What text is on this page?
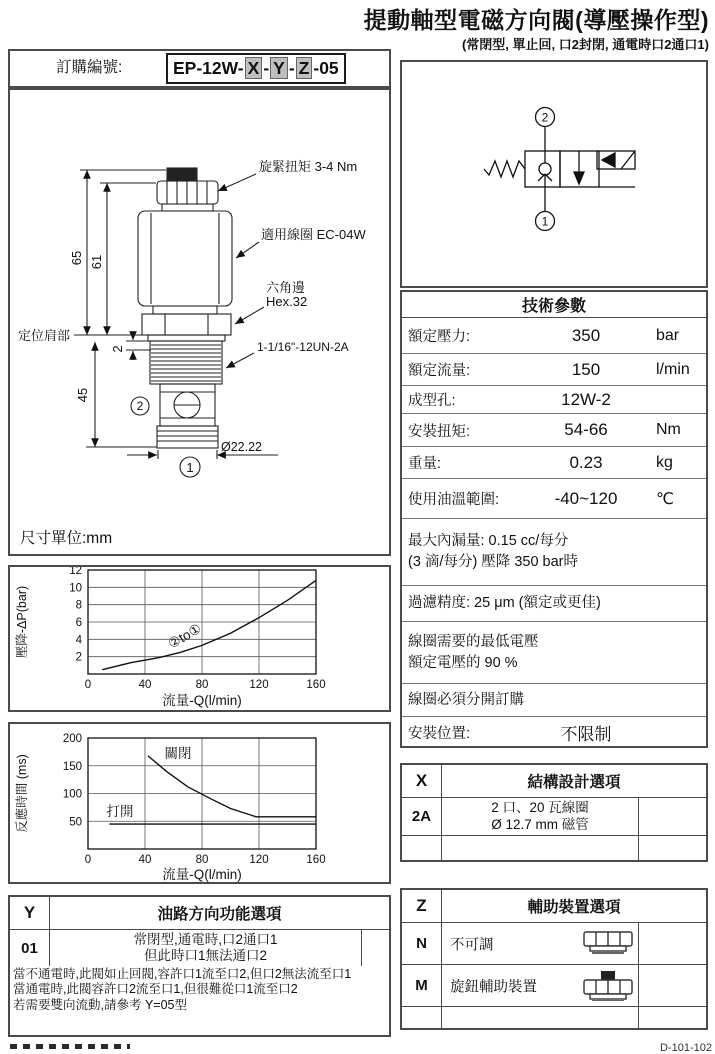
提動軸型電磁方向閥(導壓操作型)
(常閉型, 單止回, 口2封閉, 通電時口2通口1)
訂購編號:	EP-12W- X - Y - Z -05
旋緊扭矩 3-4 Nm
適用線圈 EC-04W
六角邊
Hex.32
1-1/16"-12UN-2A
Ø22.22
定位肩部
65 61
45
2
2
1
尺寸單位:mm
0	40	80	120	160
2
4
6
8
10
12
②to①
壓降-ΔP(bar)
流量-Q(l/min)
0	40	80	120	160
50
100
150
200
關閉
打開
反應時間 (ms)
流量-Q(l/min)
Y	油路方向功能選項
01
常閉型,通電時,口2通口1
但此時口1無法通口2
當不通電時,此閥如止回閥,容許口1流至口2,但口2無法流至口1
當通電時,此閥容許口2流至口1,但很難從口1流至口2
若需要雙向流動,請參考 Y=05型
2
1
技術參數
額定壓力:	350	bar
額定流量:	150	l/min
成型孔:	12W-2
安裝扭矩:	54-66	Nm
重量:	0.23	kg
使用油溫範圍:	-40~120	℃
最大內漏量: 0.15 cc/每分
(3 滴/每分) 壓降 350 bar時
過濾精度: 25 μm (額定或更佳)
線圈需要的最低電壓
額定電壓的 90 %
線圈必須分開訂購
安裝位置:	不限制
X	結構設計選項
2A
2 口、20 瓦線圈
Ø 12.7 mm 磁管
Z	輔助裝置選項
N	不可調
M	旋鈕輔助裝置
D-101-102
